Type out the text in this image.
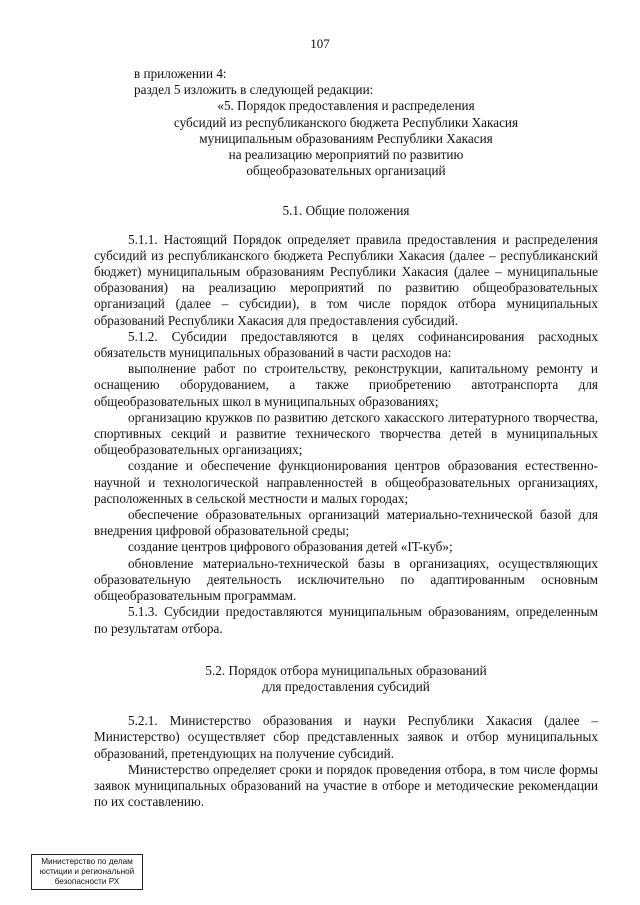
107

в приложении 4:

раздел 5 изложить в следующей редакции:

«5. Порядок предоставления и распределения

субсидий из республиканского бюджета Республики Хакасия

муниципальным образованиям Республики Хакасия

на реализацию мероприятий по развитию

общеобразовательных организаций

5.1. Общие положения

5.1.1. Настоящий Порядок определяет правила предоставления и распределения субсидий из республиканского бюджета Республики Хакасия (далее – республиканский бюджет) муниципальным образованиям Республики Хакасия (далее – муниципальные образования) на реализацию мероприятий по развитию общеобразовательных организаций (далее – субсидии), в том числе порядок отбора муниципальных образований Республики Хакасия для предоставления субсидий.

5.1.2. Субсидии предоставляются в целях софинансирования расходных обязательств муниципальных образований в части расходов на:

выполнение работ по строительству, реконструкции, капитальному ремонту и оснащению оборудованием, а также приобретению автотранспорта для общеобразовательных школ в муниципальных образованиях;

организацию кружков по развитию детского хакасского литературного творчества, спортивных секций и развитие технического творчества детей в муниципальных общеобразовательных организациях;

создание и обеспечение функционирования центров образования естественно-научной и технологической направленностей в общеобразовательных организациях, расположенных в сельской местности и малых городах;

обеспечение образовательных организаций материально-технической базой для внедрения цифровой образовательной среды;

создание центров цифрового образования детей «IT-куб»;

обновление материально-технической базы в организациях, осуществляющих образовательную деятельность исключительно по адаптированным основным общеобразовательным программам.

5.1.3. Субсидии предоставляются муниципальным образованиям, определенным по результатам отбора.

5.2. Порядок отбора муниципальных образований

для предоставления субсидий

5.2.1. Министерство образования и науки Республики Хакасия (далее – Министерство) осуществляет сбор представленных заявок и отбор муниципальных образований, претендующих на получение субсидий.

Министерство определяет сроки и порядок проведения отбора, в том числе формы заявок муниципальных образований на участие в отборе и методические рекомендации по их составлению.

Министерство по делам
юстиции и региональной
безопасности РХ
